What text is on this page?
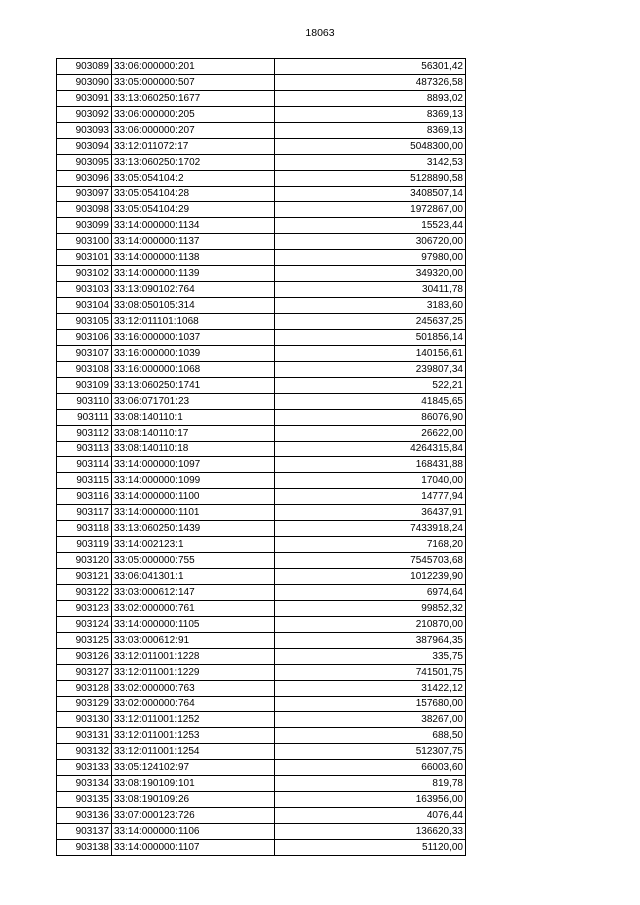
18063
903089	33:06:000000:201	56301,42
903090	33:05:000000:507	487326,58
903091	33:13:060250:1677	8893,02
903092	33:06:000000:205	8369,13
903093	33:06:000000:207	8369,13
903094	33:12:011072:17	5048300,00
903095	33:13:060250:1702	3142,53
903096	33:05:054104:2	5128890,58
903097	33:05:054104:28	3408507,14
903098	33:05:054104:29	1972867,00
903099	33:14:000000:1134	15523,44
903100	33:14:000000:1137	306720,00
903101	33:14:000000:1138	97980,00
903102	33:14:000000:1139	349320,00
903103	33:13:090102:764	30411,78
903104	33:08:050105:314	3183,60
903105	33:12:011101:1068	245637,25
903106	33:16:000000:1037	501856,14
903107	33:16:000000:1039	140156,61
903108	33:16:000000:1068	239807,34
903109	33:13:060250:1741	522,21
903110	33:06:071701:23	41845,65
903111	33:08:140110:1	86076,90
903112	33:08:140110:17	26622,00
903113	33:08:140110:18	4264315,84
903114	33:14:000000:1097	168431,88
903115	33:14:000000:1099	17040,00
903116	33:14:000000:1100	14777,94
903117	33:14:000000:1101	36437,91
903118	33:13:060250:1439	7433918,24
903119	33:14:002123:1	7168,20
903120	33:05:000000:755	7545703,68
903121	33:06:041301:1	1012239,90
903122	33:03:000612:147	6974,64
903123	33:02:000000:761	99852,32
903124	33:14:000000:1105	210870,00
903125	33:03:000612:91	387964,35
903126	33:12:011001:1228	335,75
903127	33:12:011001:1229	741501,75
903128	33:02:000000:763	31422,12
903129	33:02:000000:764	157680,00
903130	33:12:011001:1252	38267,00
903131	33:12:011001:1253	688,50
903132	33:12:011001:1254	512307,75
903133	33:05:124102:97	66003,60
903134	33:08:190109:101	819,78
903135	33:08:190109:26	163956,00
903136	33:07:000123:726	4076,44
903137	33:14:000000:1106	136620,33
903138	33:14:000000:1107	51120,00
